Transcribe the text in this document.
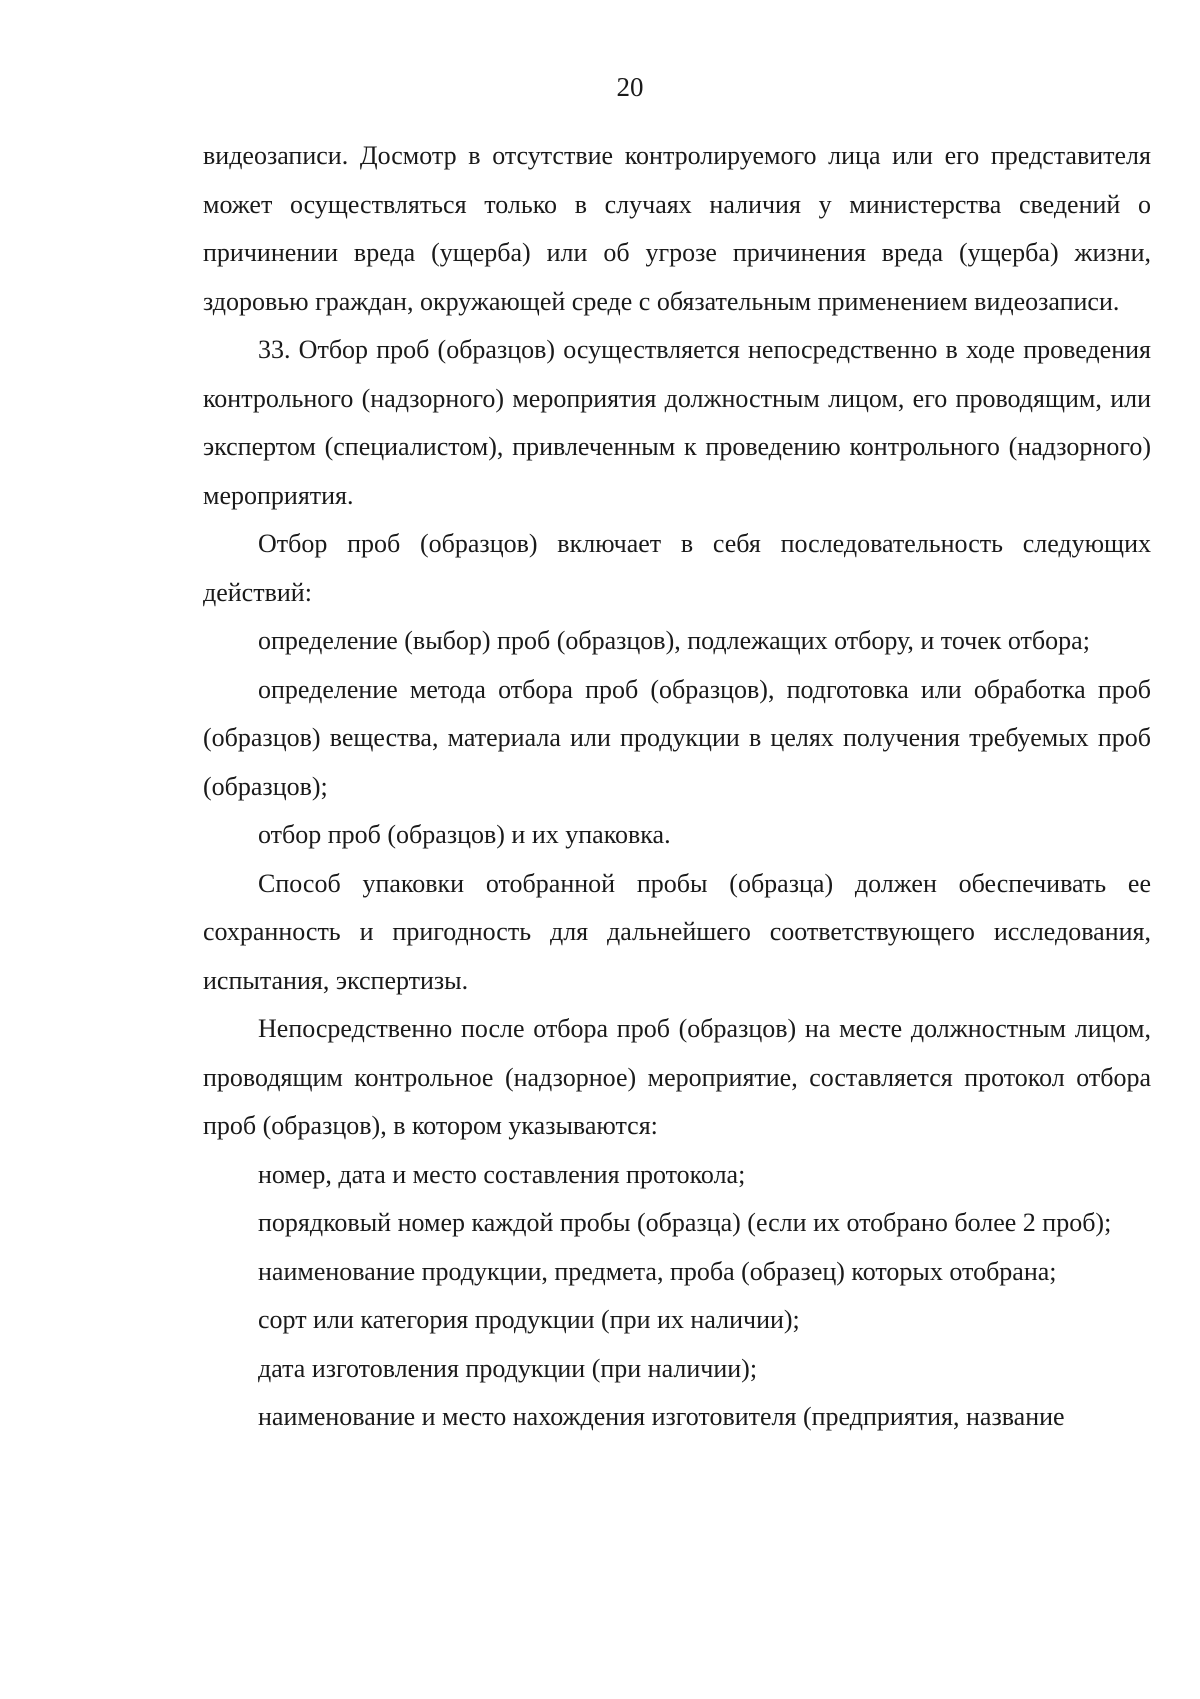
20

видеозаписи. Досмотр в отсутствие контролируемого лица или его представителя может осуществляться только в случаях наличия у министерства сведений о причинении вреда (ущерба) или об угрозе причинения вреда (ущерба) жизни, здоровью граждан, окружающей среде с обязательным применением видеозаписи.

33. Отбор проб (образцов) осуществляется непосредственно в ходе проведения контрольного (надзорного) мероприятия должностным лицом, его проводящим, или экспертом (специалистом), привлеченным к проведению контрольного (надзорного) мероприятия.

Отбор проб (образцов) включает в себя последовательность следующих действий:

определение (выбор) проб (образцов), подлежащих отбору, и точек отбора;

определение метода отбора проб (образцов), подготовка или обработка проб (образцов) вещества, материала или продукции в целях получения требуемых проб (образцов);

отбор проб (образцов) и их упаковка.

Способ упаковки отобранной пробы (образца) должен обеспечивать ее сохранность и пригодность для дальнейшего соответствующего исследования, испытания, экспертизы.

Непосредственно после отбора проб (образцов) на месте должностным лицом, проводящим контрольное (надзорное) мероприятие, составляется протокол отбора проб (образцов), в котором указываются:

номер, дата и место составления протокола;

порядковый номер каждой пробы (образца) (если их отобрано более 2 проб);

наименование продукции, предмета, проба (образец) которых отобрана;

сорт или категория продукции (при их наличии);

дата изготовления продукции (при наличии);

наименование и место нахождения изготовителя (предприятия, название
